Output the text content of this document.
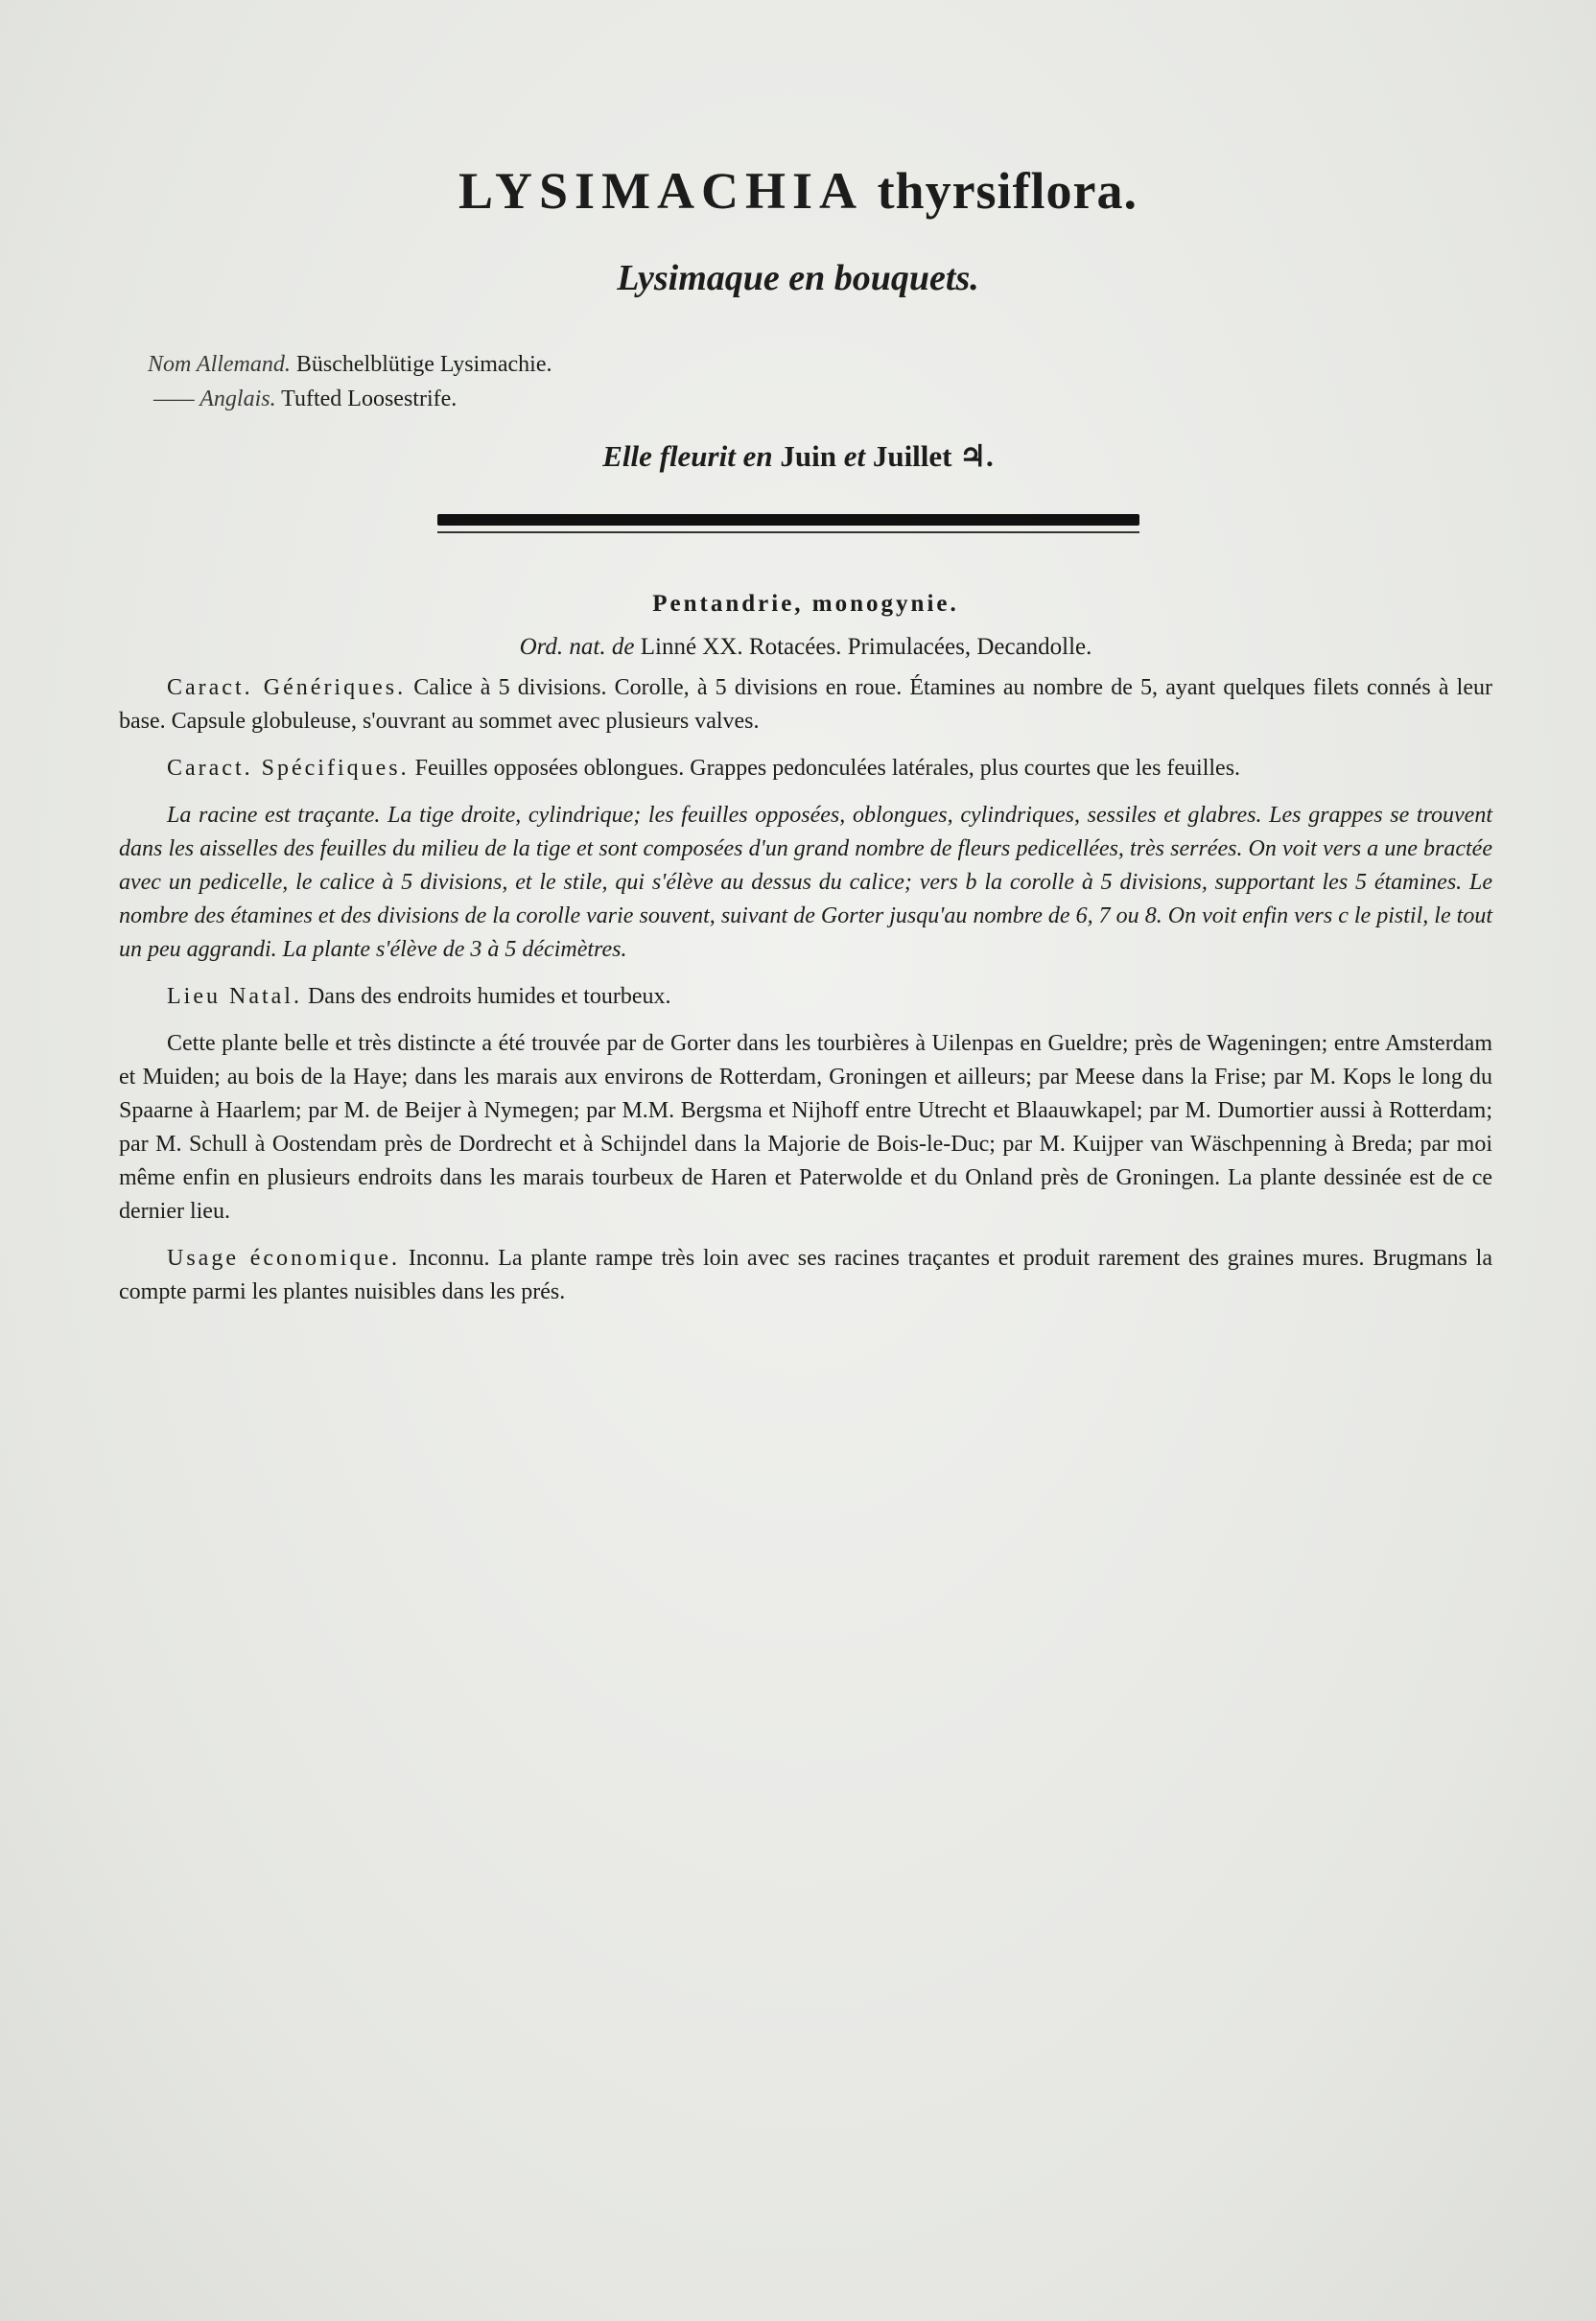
LYSIMACHIA thyrsiflora.
Lysimaque en bouquets.
Nom Allemand. Büschelblütige Lysimachie.
—— Anglais. Tufted Loosestrife.
Elle fleurit en Juin et Juillet ♃.
Pentandrie, monogynie.
Ord. nat. de Linné XX. Rotacées. Primulacées, Decandolle.

Caract. Génériques. Calice à 5 divisions. Corolle, à 5 divisions en roue. Étamines au nombre de 5, ayant quelques filets connés à leur base. Capsule globuleuse, s'ouvrant au sommet avec plusieurs valves.

Caract. Spécifiques. Feuilles opposées oblongues. Grappes pedonculées latérales, plus courtes que les feuilles.

La racine est traçante. La tige droite, cylindrique; les feuilles opposées, oblongues, cylindriques, sessiles et glabres. Les grappes se trouvent dans les aisselles des feuilles du milieu de la tige et sont composées d'un grand nombre de fleurs pedicellées, très serrées. On voit vers a une bractée avec un pedicelle, le calice à 5 divisions, et le stile, qui s'élève au dessus du calice; vers b la corolle à 5 divisions, supportant les 5 étamines. Le nombre des étamines et des divisions de la corolle varie souvent, suivant de Gorter jusqu'au nombre de 6, 7 ou 8. On voit enfin vers c le pistil, le tout un peu aggrandi. La plante s'élève de 3 à 5 décimètres.

Lieu Natal. Dans des endroits humides et tourbeux.

Cette plante belle et très distincte a été trouvée par de Gorter dans les tourbières à Uilenpas en Gueldre; près de Wageningen; entre Amsterdam et Muiden; au bois de la Haye; dans les marais aux environs de Rotterdam, Groningen et ailleurs; par Meese dans la Frise; par M. Kops le long du Spaarne à Haarlem; par M. de Beijer à Nymegen; par M.M. Bergsma et Nijhoff entre Utrecht et Blaauwkapel; par M. Dumortier aussi à Rotterdam; par M. Schull à Oostendam près de Dordrecht et à Schijndel dans la Majorie de Bois-le-Duc; par M. Kuijper van Wäschpenning à Breda; par moi même enfin en plusieurs endroits dans les marais tourbeux de Haren et Paterwolde et du Onland près de Groningen. La plante dessinée est de ce dernier lieu.

Usage économique. Inconnu. La plante rampe très loin avec ses racines traçantes et produit rarement des graines mures. Brugmans la compte parmi les plantes nuisibles dans les prés.
